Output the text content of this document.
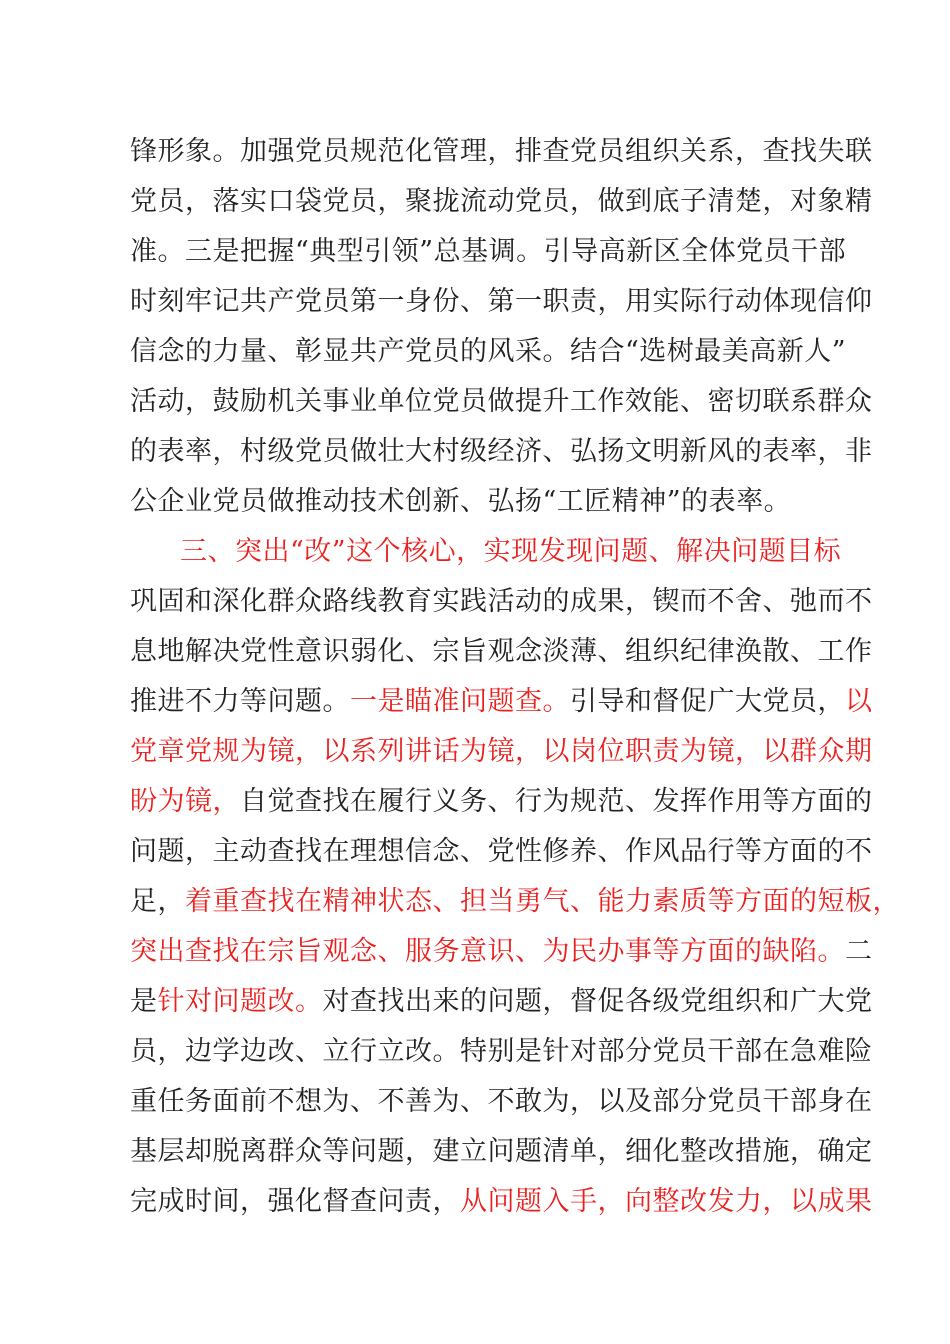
锋形象。加强党员规范化管理，排查党员组织关系，查找失联
党员，落实口袋党员，聚拢流动党员，做到底子清楚，对象精
准。三是把握“典型引领”总基调。引导高新区全体党员干部
时刻牢记共产党员第一身份、第一职责，用实际行动体现信仰
信念的力量、彰显共产党员的风采。结合“选树最美高新人”
活动，鼓励机关事业单位党员做提升工作效能、密切联系群众
的表率，村级党员做壮大村级经济、弘扬文明新风的表率，非
公企业党员做推动技术创新、弘扬“工匠精神”的表率。
三、突出“改”这个核心，实现发现问题、解决问题目标
巩固和深化群众路线教育实践活动的成果，锲而不舍、弛而不
息地解决党性意识弱化、宗旨观念淡薄、组织纪律涣散、工作
推进不力等问题。一是瞄准问题查。引导和督促广大党员，以
党章党规为镜，以系列讲话为镜，以岗位职责为镜，以群众期
盼为镜，自觉查找在履行义务、行为规范、发挥作用等方面的
问题，主动查找在理想信念、党性修养、作风品行等方面的不
足，着重查找在精神状态、担当勇气、能力素质等方面的短板，
突出查找在宗旨观念、服务意识、为民办事等方面的缺陷。二
是针对问题改。对查找出来的问题，督促各级党组织和广大党
员，边学边改、立行立改。特别是针对部分党员干部在急难险
重任务面前不想为、不善为、不敢为，以及部分党员干部身在
基层却脱离群众等问题，建立问题清单，细化整改措施，确定
完成时间，强化督查问责，从问题入手，向整改发力，以成果
